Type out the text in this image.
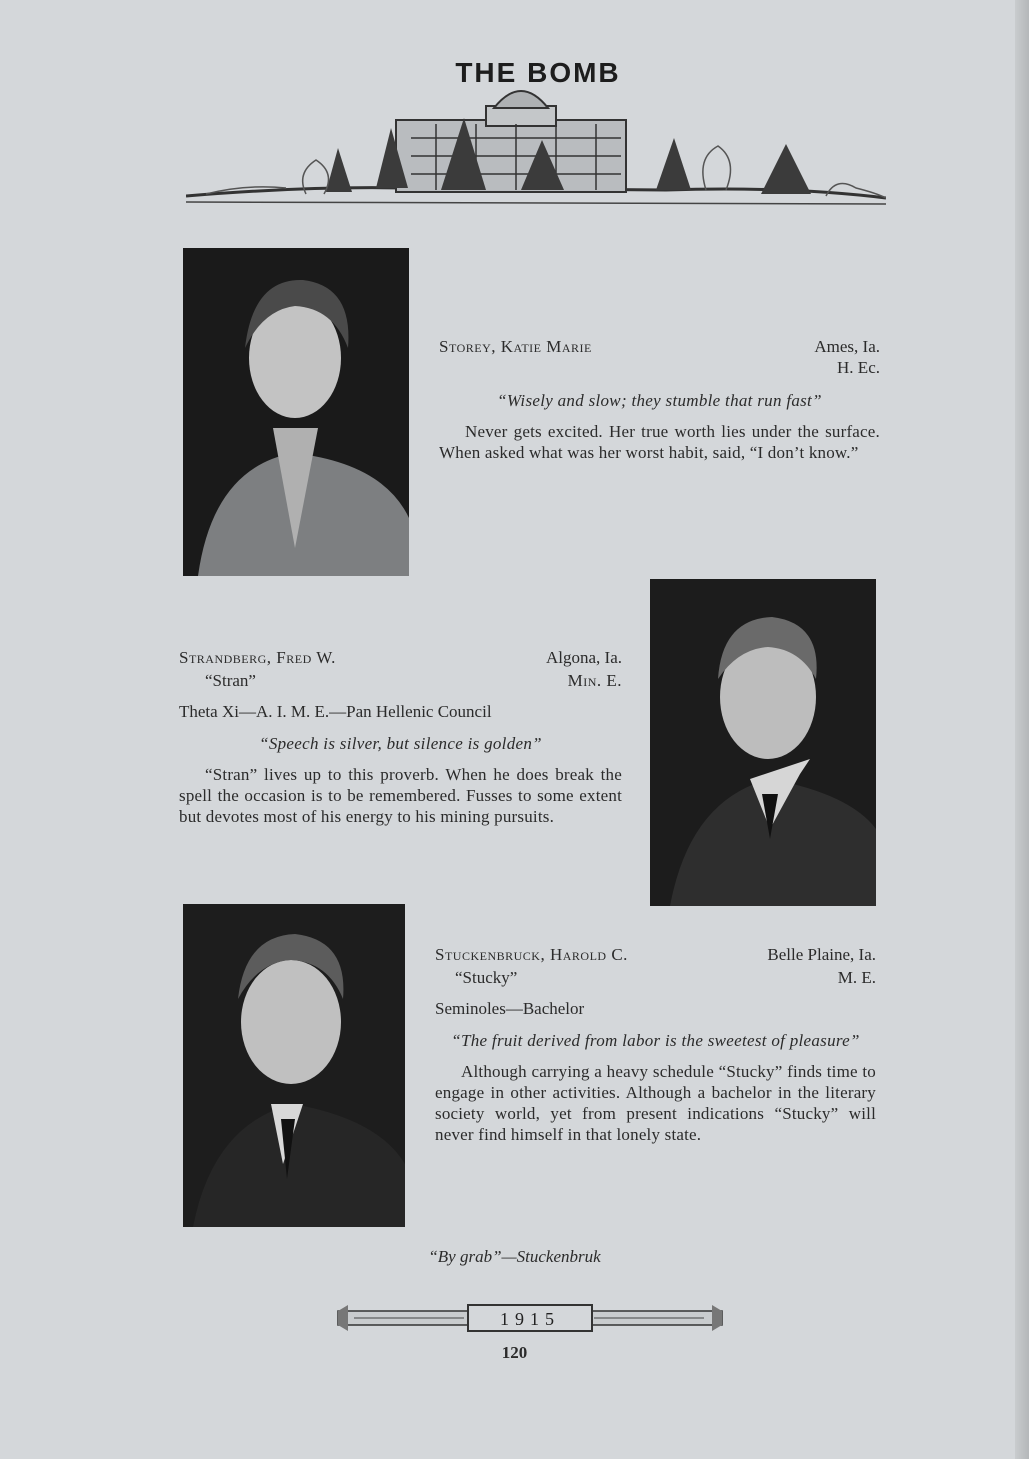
THE BOMB
Storey, Katie Marie	Ames, Ia.
H. Ec.
“Wisely and slow; they stumble that run fast”
Never gets excited. Her true worth lies under the surface. When asked what was her worst habit, said, “I don’t know.”
Strandberg, Fred W.	Algona, Ia.
“Stran”	Min. E.
Theta Xi—A. I. M. E.—Pan Hellenic Council
“Speech is silver, but silence is golden”
“Stran” lives up to this proverb. When he does break the spell the occasion is to be remembered. Fusses to some extent but devotes most of his energy to his mining pursuits.
Stuckenbruck, Harold C.	Belle Plaine, Ia.
“Stucky”	M. E.
Seminoles—Bachelor
“The fruit derived from labor is the sweetest of pleasure”
Although carrying a heavy schedule “Stucky” finds time to engage in other activities. Although a bachelor in the literary society world, yet from present indications “Stucky” will never find himself in that lonely state.
“By grab”—Stuckenbruk
1915
120
